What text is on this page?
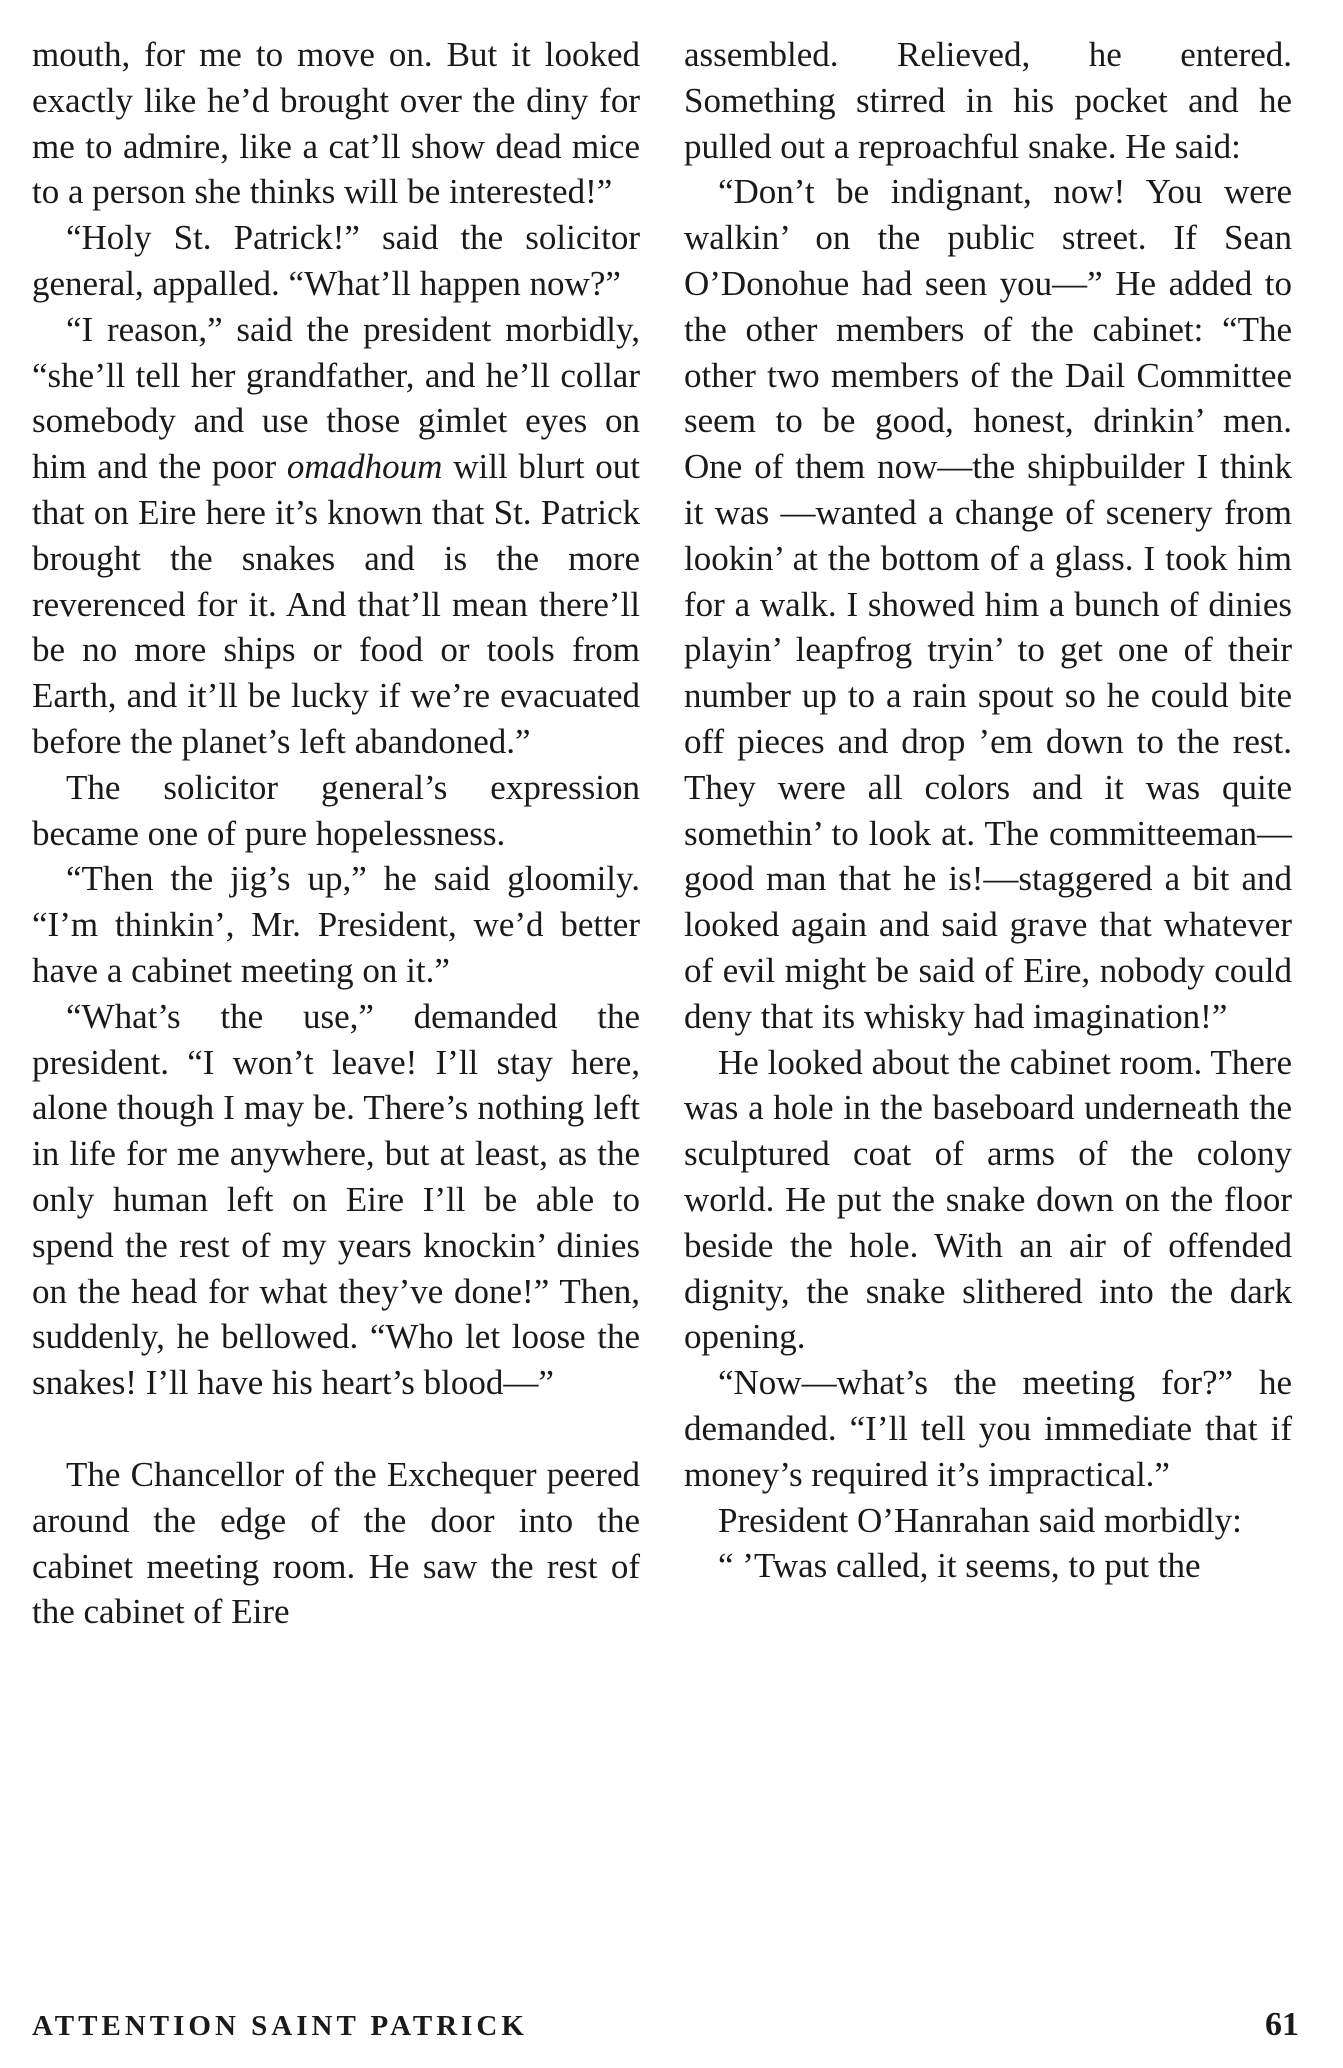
mouth, for me to move on. But it looked exactly like he’d brought over the diny for me to admire, like a cat’ll show dead mice to a person she thinks will be interested!”

“Holy St. Patrick!” said the solicitor general, appalled. “What’ll happen now?”

“I reason,” said the president morbidly, “she’ll tell her grandfather, and he’ll collar somebody and use those gimlet eyes on him and the poor omadhoum will blurt out that on Eire here it’s known that St. Patrick brought the snakes and is the more reverenced for it. And that’ll mean there’ll be no more ships or food or tools from Earth, and it’ll be lucky if we’re evacuated before the planet’s left abandoned.”

The solicitor general’s expression became one of pure hopelessness.

“Then the jig’s up,” he said gloomily. “I’m thinkin’, Mr. President, we’d better have a cabinet meeting on it.”

“What’s the use,” demanded the president. “I won’t leave! I’ll stay here, alone though I may be. There’s nothing left in life for me anywhere, but at least, as the only human left on Eire I’ll be able to spend the rest of my years knockin’ dinies on the head for what they’ve done!” Then, suddenly, he bellowed. “Who let loose the snakes! I’ll have his heart’s blood—”

The Chancellor of the Exchequer peered around the edge of the door into the cabinet meeting room. He saw the rest of the cabinet of Eire

assembled. Relieved, he entered. Something stirred in his pocket and he pulled out a reproachful snake. He said:

“Don’t be indignant, now! You were walkin’ on the public street. If Sean O’Donohue had seen you—” He added to the other members of the cabinet: “The other two members of the Dail Committee seem to be good, honest, drinkin’ men. One of them now—the shipbuilder I think it was —wanted a change of scenery from lookin’ at the bottom of a glass. I took him for a walk. I showed him a bunch of dinies playin’ leapfrog tryin’ to get one of their number up to a rain spout so he could bite off pieces and drop ’em down to the rest. They were all colors and it was quite somethin’ to look at. The committeeman—good man that he is!—staggered a bit and looked again and said grave that whatever of evil might be said of Eire, nobody could deny that its whisky had imagination!”

He looked about the cabinet room. There was a hole in the baseboard underneath the sculptured coat of arms of the colony world. He put the snake down on the floor beside the hole. With an air of offended dignity, the snake slithered into the dark opening.

“Now—what’s the meeting for?” he demanded. “I’ll tell you immediate that if money’s required it’s impractical.”

President O’Hanrahan said morbidly:

“ ’Twas called, it seems, to put the

ATTENTION SAINT PATRICK	61
